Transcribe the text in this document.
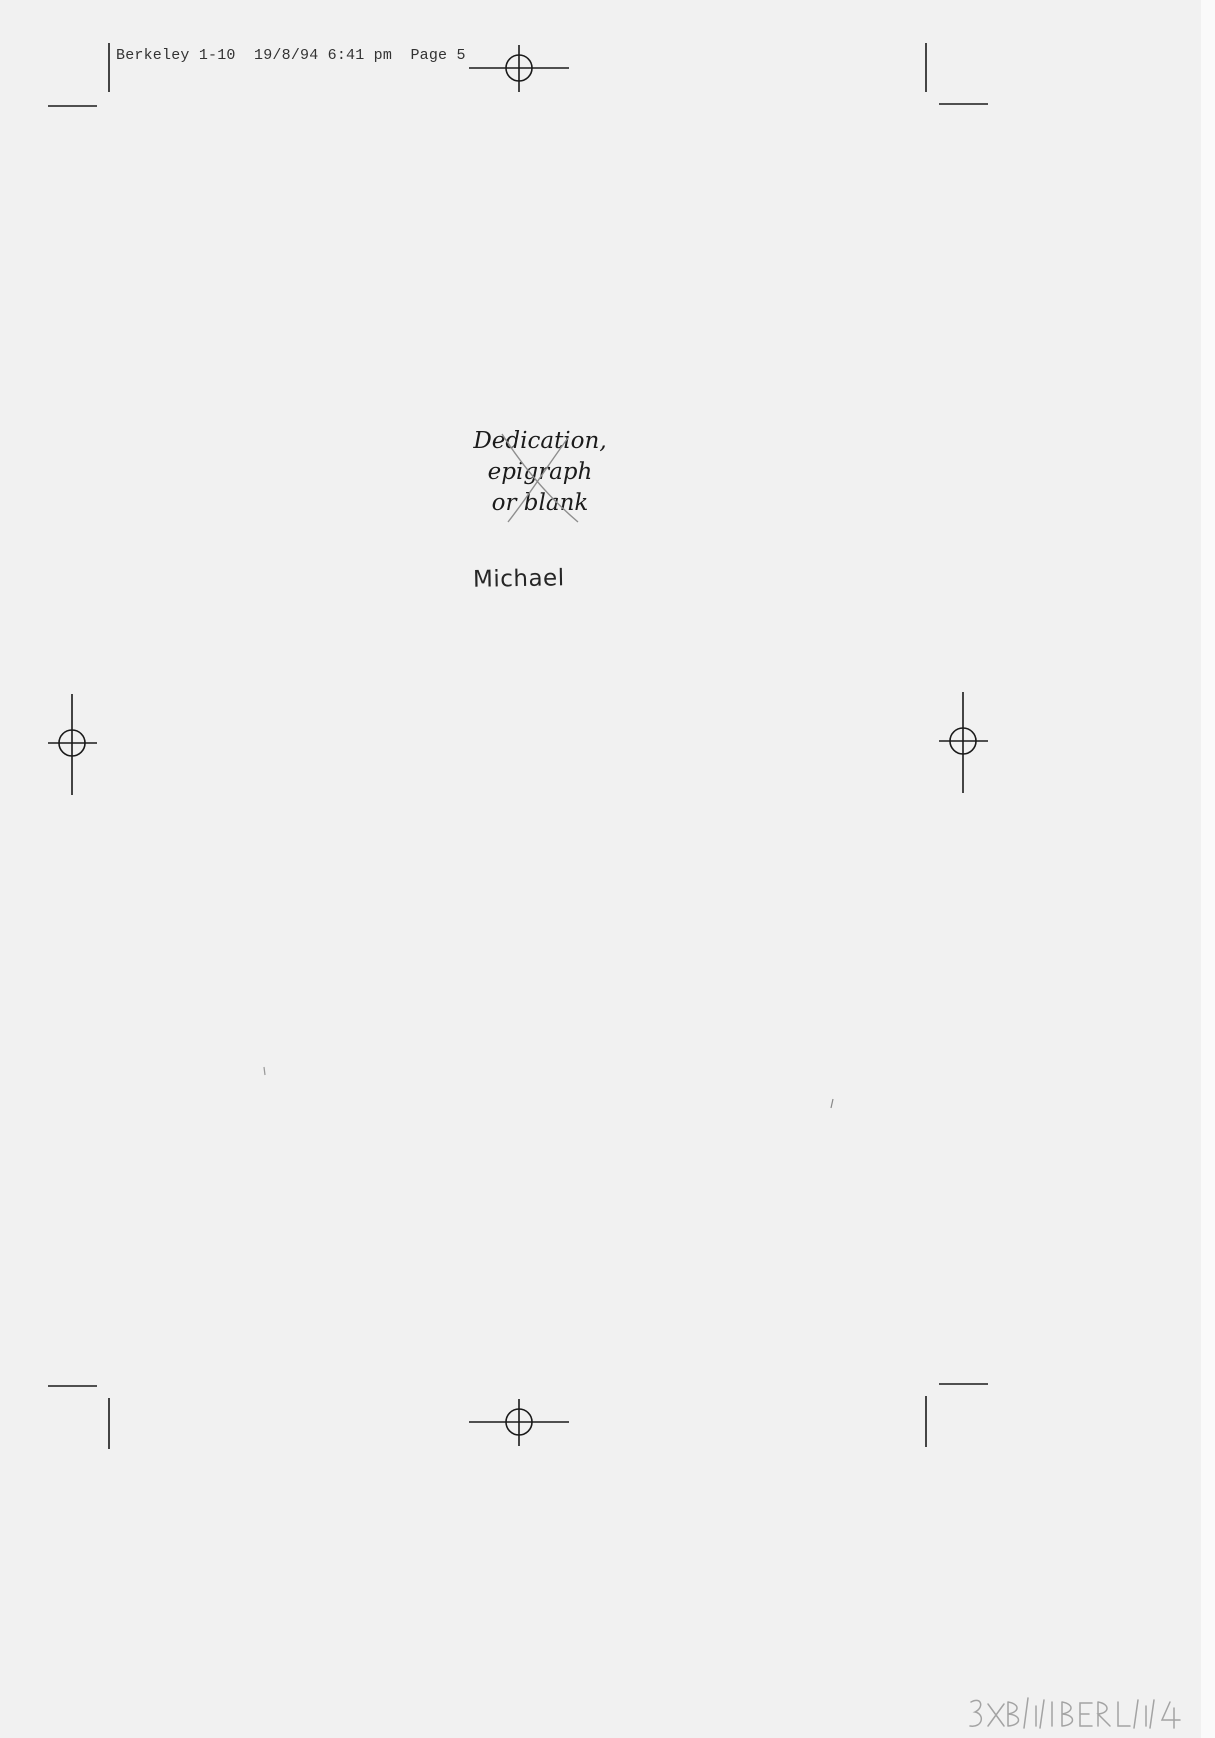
Berkeley 1-10  19/8/94 6:41 pm  Page 5
Dedication,
epigraph
or blank
Michael
